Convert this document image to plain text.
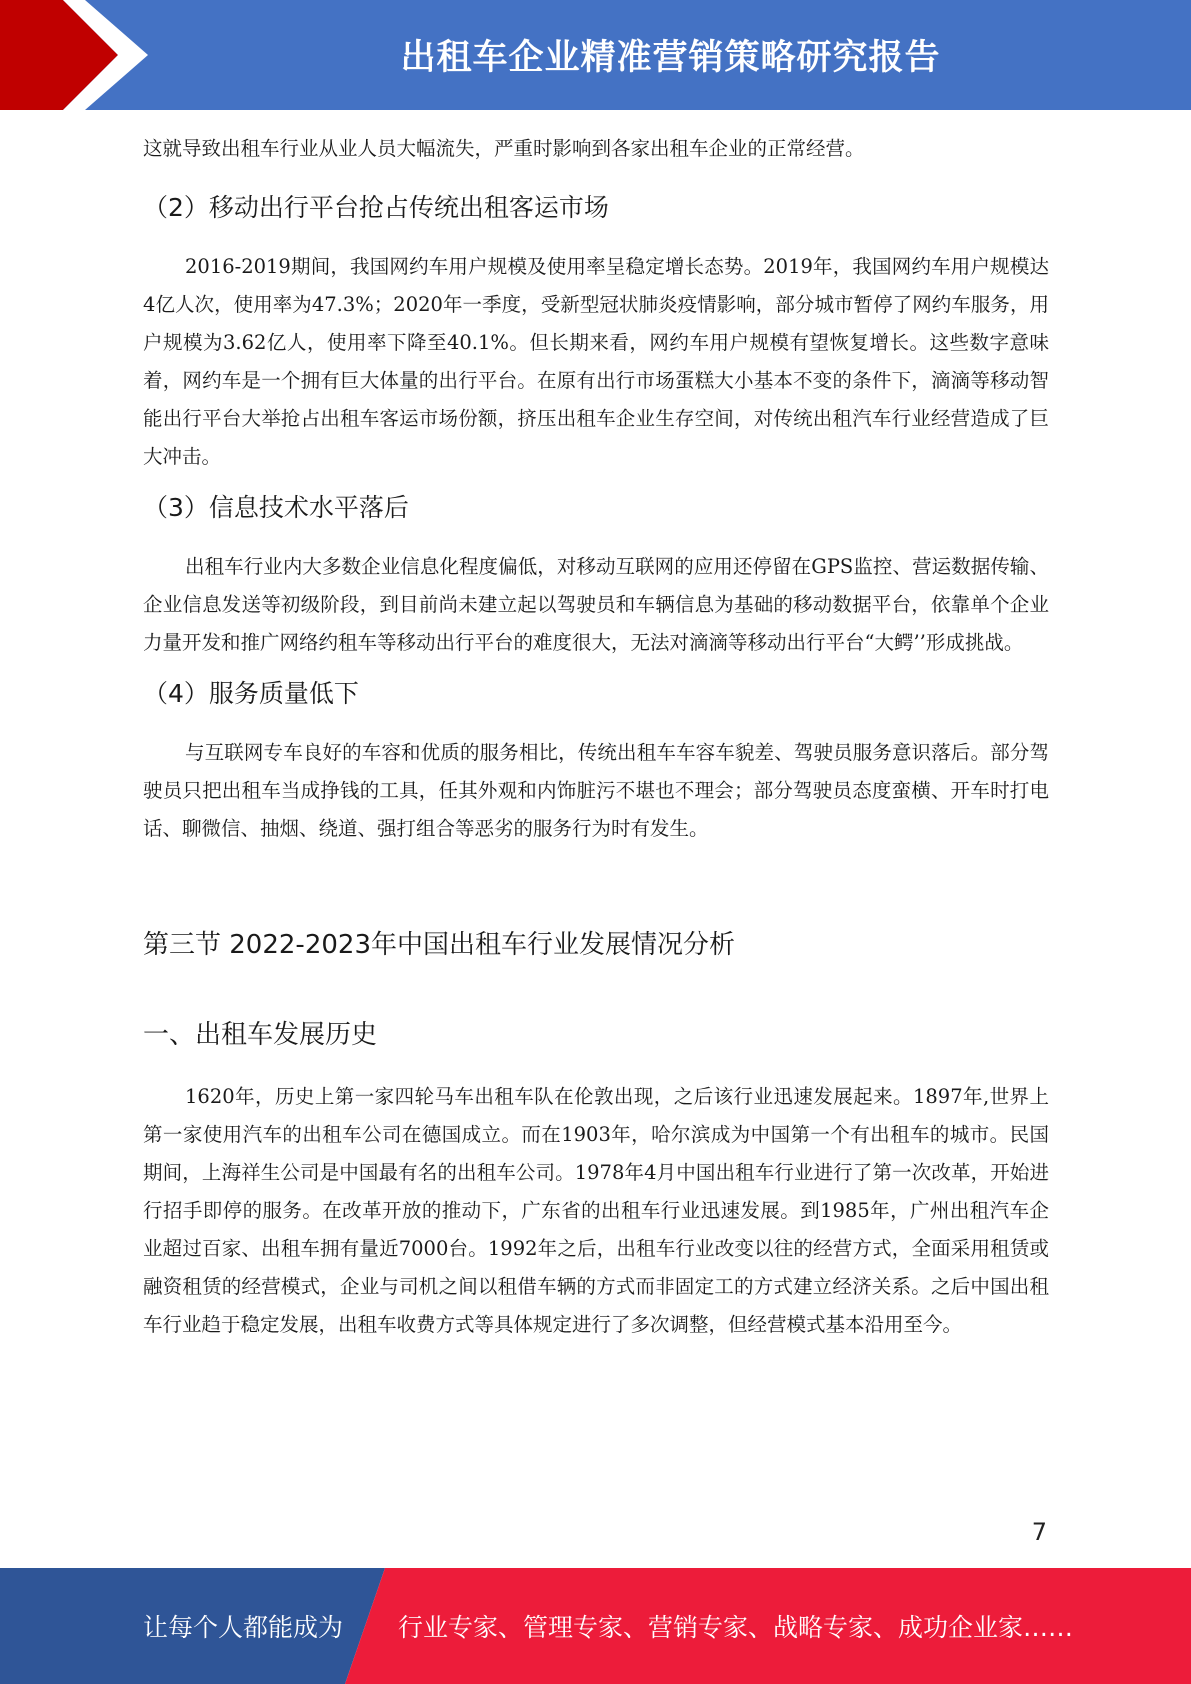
出租车企业精准营销策略研究报告

这就导致出租车行业从业人员大幅流失，严重时影响到各家出租车企业的正常经营。

（2）移动出行平台抢占传统出租客运市场

2016-2019期间，我国网约车用户规模及使用率呈稳定增长态势。2019年，我国网约车用户规模达4亿人次，使用率为47.3%；2020年一季度，受新型冠状肺炎疫情影响，部分城市暂停了网约车服务，用户规模为3.62亿人，使用率下降至40.1%。但长期来看，网约车用户规模有望恢复增长。这些数字意味着，网约车是一个拥有巨大体量的出行平台。在原有出行市场蛋糕大小基本不变的条件下，滴滴等移动智能出行平台大举抢占出租车客运市场份额，挤压出租车企业生存空间，对传统出租汽车行业经营造成了巨大冲击。

（3）信息技术水平落后

出租车行业内大多数企业信息化程度偏低，对移动互联网的应用还停留在GPS监控、营运数据传输、企业信息发送等初级阶段，到目前尚未建立起以驾驶员和车辆信息为基础的移动数据平台，依靠单个企业力量开发和推广网络约租车等移动出行平台的难度很大，无法对滴滴等移动出行平台“大鳄’’形成挑战。

（4）服务质量低下

与互联网专车良好的车容和优质的服务相比，传统出租车车容车貌差、驾驶员服务意识落后。部分驾驶员只把出租车当成挣钱的工具，任其外观和内饰脏污不堪也不理会；部分驾驶员态度蛮横、开车时打电话、聊微信、抽烟、绕道、强打组合等恶劣的服务行为时有发生。

第三节 2022-2023年中国出租车行业发展情况分析
一、出租车发展历史

1620年，历史上第一家四轮马车出租车队在伦敦出现，之后该行业迅速发展起来。1897年,世界上第一家使用汽车的出租车公司在德国成立。而在1903年，哈尔滨成为中国第一个有出租车的城市。民国期间，上海祥生公司是中国最有名的出租车公司。1978年4月中国出租车行业进行了第一次改革，开始进行招手即停的服务。在改革开放的推动下，广东省的出租车行业迅速发展。到1985年，广州出租汽车企业超过百家、出租车拥有量近7000台。1992年之后，出租车行业改变以往的经营方式，全面采用租赁或融资租赁的经营模式，企业与司机之间以租借车辆的方式而非固定工的方式建立经济关系。之后中国出租车行业趋于稳定发展，出租车收费方式等具体规定进行了多次调整，但经营模式基本沿用至今。

7
让每个人都能成为 行业专家、管理专家、营销专家、战略专家、成功企业家……
